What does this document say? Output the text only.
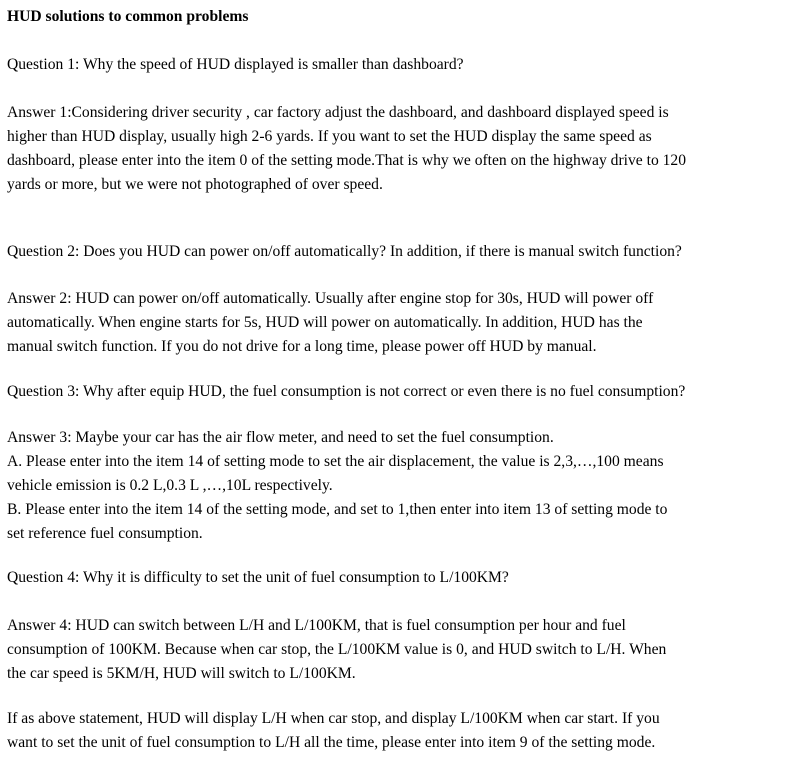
HUD solutions to common problems

Question 1: Why the speed of HUD displayed is smaller than dashboard?

Answer 1:Considering driver security , car factory adjust the dashboard, and dashboard displayed speed is
higher than HUD display, usually high 2-6 yards. If you want to set the HUD display the same speed as
dashboard, please enter into the item 0 of the setting mode.That is why we often on the highway drive to 120
yards or more, but we were not photographed of over speed.

Question 2: Does you HUD can power on/off automatically? In addition, if there is manual switch function?

Answer 2: HUD can power on/off automatically. Usually after engine stop for 30s, HUD will power off
automatically. When engine starts for 5s, HUD will power on automatically. In addition, HUD has the
manual switch function. If you do not drive for a long time, please power off HUD by manual.

Question 3: Why after equip HUD, the fuel consumption is not correct or even there is no fuel consumption?

Answer 3: Maybe your car has the air flow meter, and need to set the fuel consumption.
A. Please enter into the item 14 of setting mode to set the air displacement, the value is 2,3,…,100 means
vehicle emission is 0.2 L,0.3 L ,…,10L respectively.
B. Please enter into the item 14 of the setting mode, and set to 1,then enter into item 13 of setting mode to
set reference fuel consumption.

Question 4: Why it is difficulty to set the unit of fuel consumption to L/100KM?

Answer 4: HUD can switch between L/H and L/100KM, that is fuel consumption per hour and fuel
consumption of 100KM. Because when car stop, the L/100KM value is 0, and HUD switch to L/H. When
the car speed is 5KM/H, HUD will switch to L/100KM.

If as above statement, HUD will display L/H when car stop, and display L/100KM when car start. If you
want to set the unit of fuel consumption to L/H all the time, please enter into item 9 of the setting mode.
